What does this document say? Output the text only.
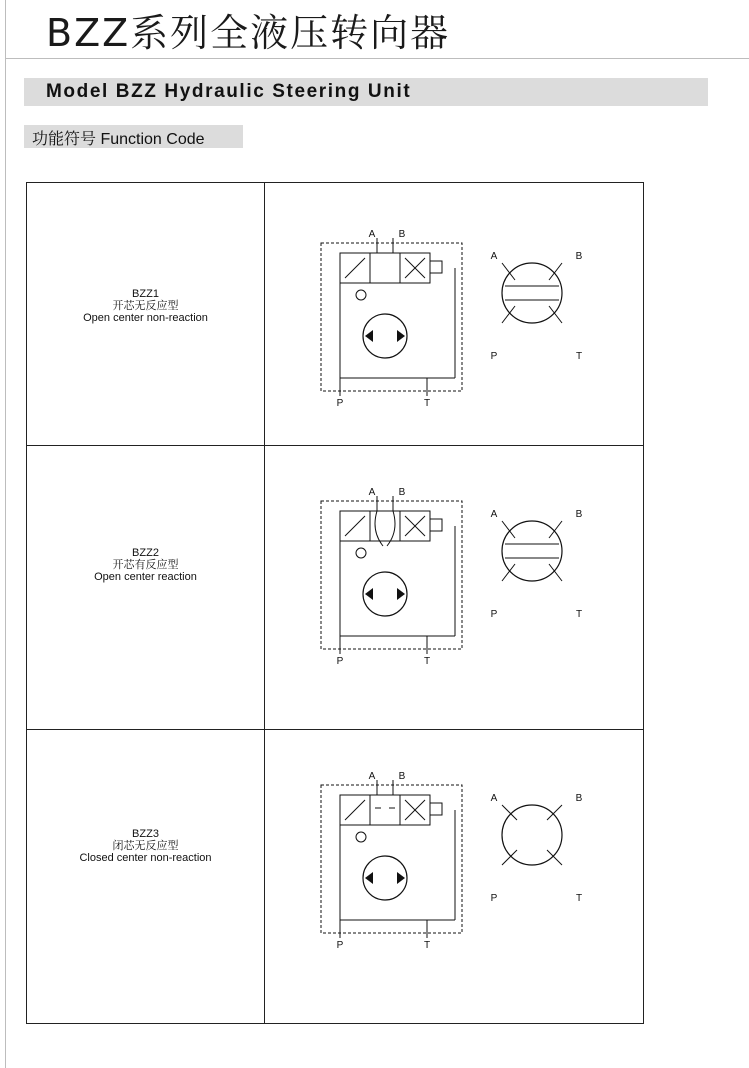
BZZ系列全液压转向器
Model BZZ Hydraulic Steering Unit
功能符号 Function Code
BZZ1
开芯无反应型
Open center non-reaction
BZZ2
开芯有反应型
Open center reaction
BZZ3
闭芯无反应型
Closed center non-reaction
A B
P	T
A	B
P	T
A B
P	T
A	B
P	T
A B
P	T
A	B
P	T
